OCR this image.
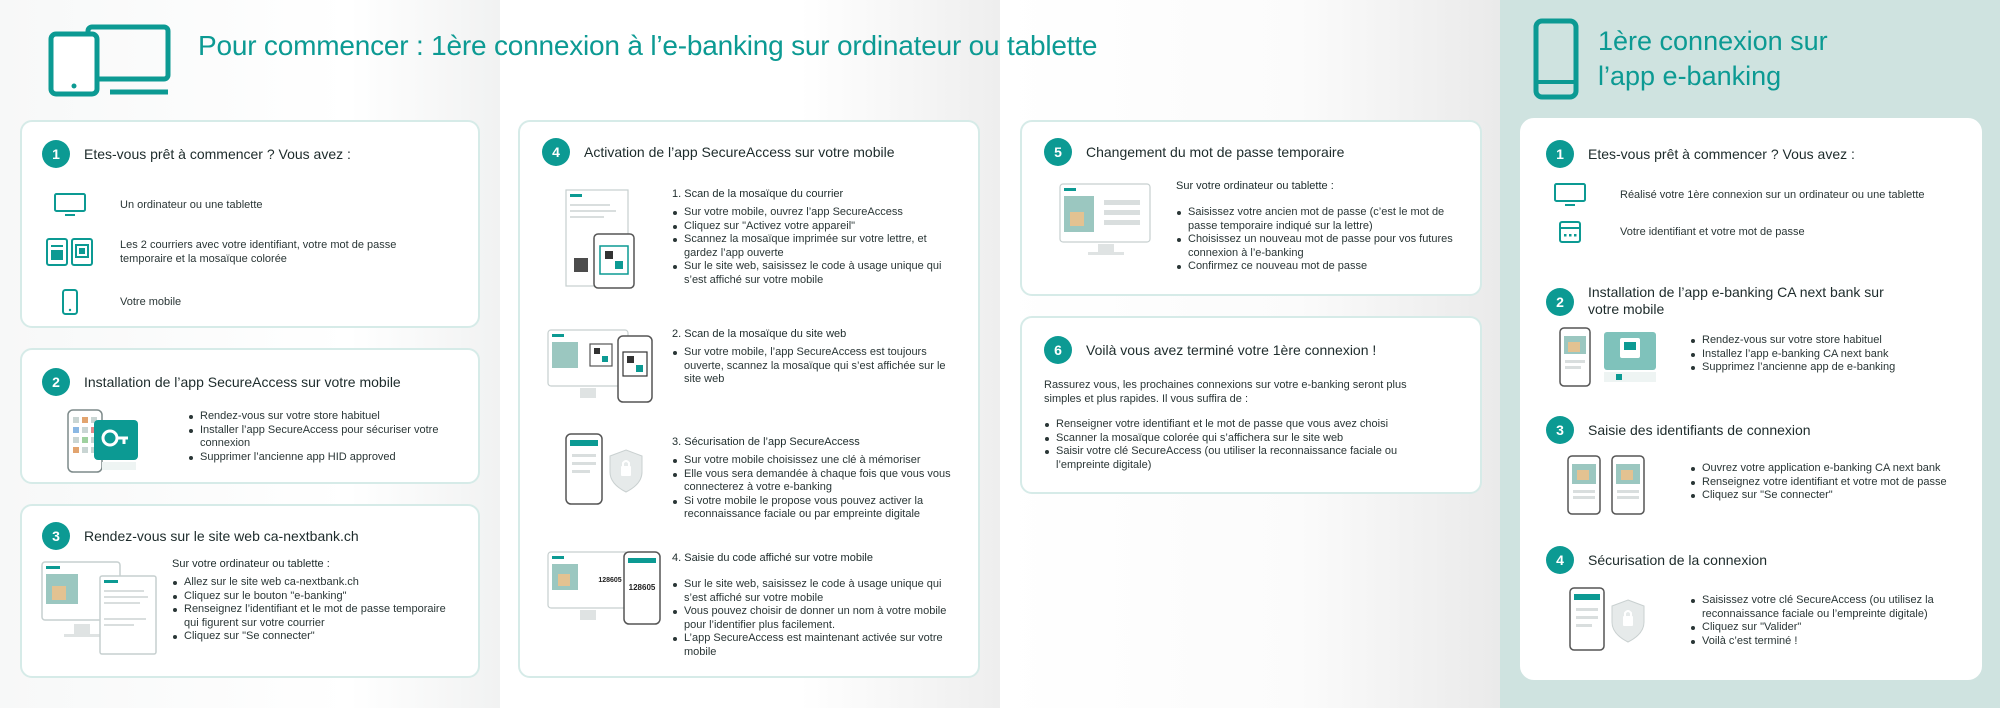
Pour commencer : 1ère connexion à l’e-banking sur ordinateur ou tablette	1ère connexion sur
l’app e-banking
1	Etes-vous prêt à commencer ? Vous avez :
Un ordinateur ou une tablette
Les 2 courriers avec votre identifiant, votre mot de passe
temporaire et la mosaïque colorée
Votre mobile
2	Installation de l’app SecureAccess sur votre mobile
Rendez-vous sur votre store habituel
Installer l’app SecureAccess pour sécuriser votre connexion
Supprimer l’ancienne app HID approved
3	Rendez-vous sur le site web ca-nextbank.ch
Sur votre ordinateur ou tablette :
Allez sur le site web ca-nextbank.ch
Cliquez sur le bouton "e-banking"
Renseignez l’identifiant et le mot de passe temporaire qui figurent sur votre courrier
Cliquez sur "Se connecter"
4	Activation de l’app SecureAccess sur votre mobile
1. Scan de la mosaïque du courrier
Sur votre mobile, ouvrez l’app SecureAccess
Cliquez sur "Activez votre appareil"
Scannez la mosaïque imprimée sur votre lettre, et gardez l’app ouverte
Sur le site web, saisissez le code à usage unique qui s’est affiché sur votre mobile
2. Scan de la mosaïque du site web
Sur votre mobile, l’app SecureAccess est toujours ouverte, scannez la mosaïque qui s’est affichée sur le site web
3. Sécurisation de l’app SecureAccess
Sur votre mobile choisissez une clé à mémoriser
Elle vous sera demandée à chaque fois que vous vous connecterez à votre e-banking
Si votre mobile le propose vous pouvez activer la reconnaissance faciale ou par empreinte digitale
128605
128605
4. Saisie du code affiché sur votre mobile
Sur le site web, saisissez le code à usage unique qui s’est affiché sur votre mobile
Vous pouvez choisir de donner un nom à votre mobile pour l’identifier plus facilement.
L’app SecureAccess est maintenant activée sur votre mobile
5	Changement du mot de passe temporaire
Sur votre ordinateur ou tablette :
Saisissez votre ancien mot de passe (c’est le mot de passe temporaire indiqué sur la lettre)
Choisissez un nouveau mot de passe pour vos futures connexion à l’e-banking
Confirmez ce nouveau mot de passe
6	Voilà vous avez terminé votre 1ère connexion !
Rassurez vous, les prochaines connexions sur votre e-banking seront plus simples et plus rapides. Il vous suffira de :
Renseigner votre identifiant et le mot de passe que vous avez choisi
Scanner la mosaïque colorée qui s’affichera sur le site web
Saisir votre clé SecureAccess (ou utiliser la reconnaissance faciale ou l’empreinte digitale)
1	Etes-vous prêt à commencer ? Vous avez :
Réalisé votre 1ère connexion sur un ordinateur ou une tablette
Votre identifiant et votre mot de passe
2
Installation de l’app e-banking CA next bank sur
votre mobile
Rendez-vous sur votre store habituel
Installez l’app e-banking CA next bank
Supprimez l’ancienne app de e-banking
3	Saisie des identifiants de connexion
Ouvrez votre application e-banking CA next bank
Renseignez votre identifiant et votre mot de passe
Cliquez sur "Se connecter"
4	Sécurisation de la connexion
Saisissez votre clé SecureAccess (ou utilisez la reconnaissance faciale ou l’empreinte digitale)
Cliquez sur "Valider"
Voilà c’est terminé !
